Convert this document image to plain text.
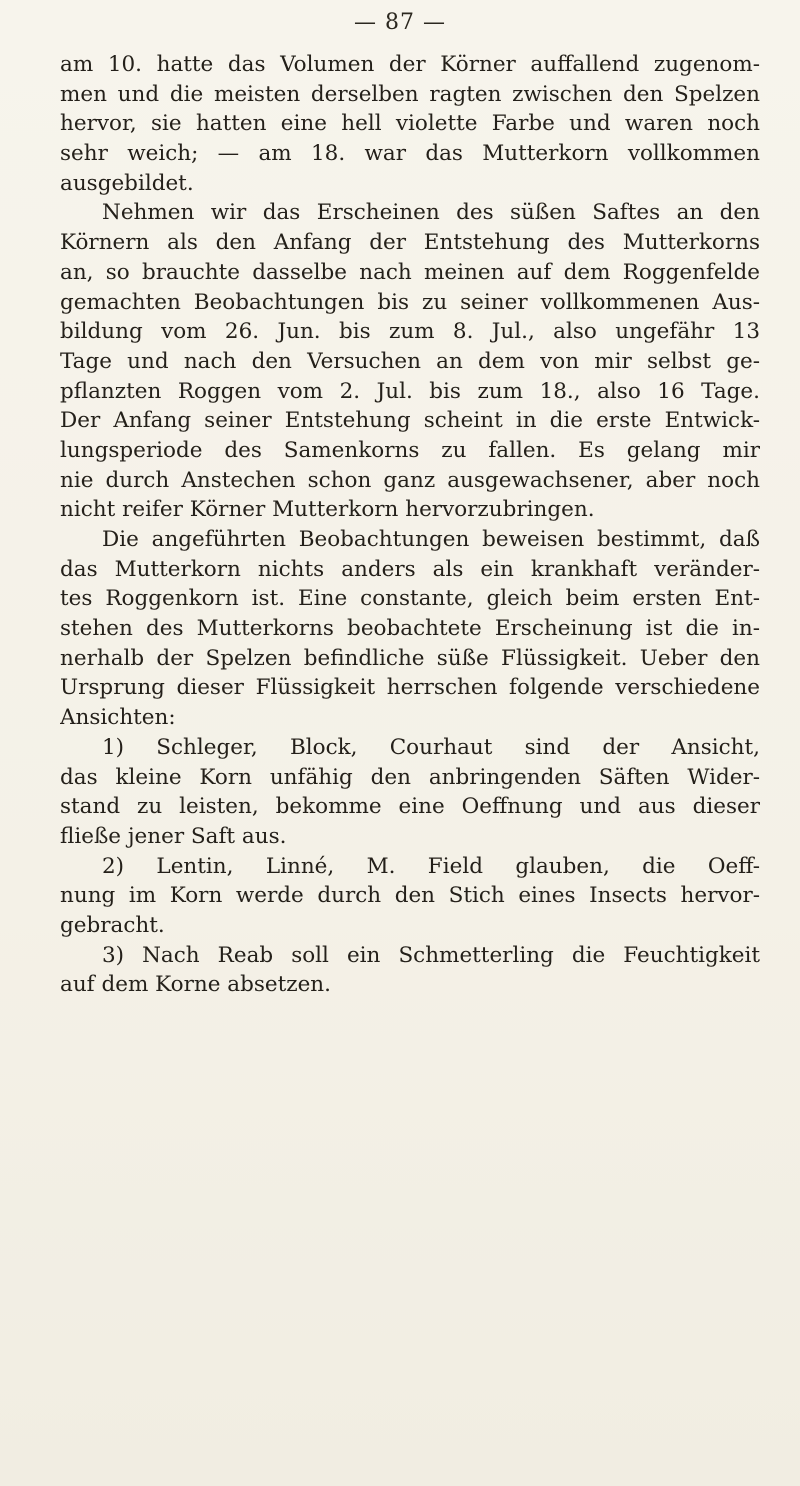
— 87 —
am 10. hatte das Volumen der Körner auffallend zugenom-
men und die meisten derselben ragten zwischen den Spelzen
hervor, sie hatten eine hell violette Farbe und waren noch
sehr weich; — am 18. war das Mutterkorn vollkommen
ausgebildet.
Nehmen wir das Erscheinen des süßen Saftes an den
Körnern als den Anfang der Entstehung des Mutterkorns
an, so brauchte dasselbe nach meinen auf dem Roggenfelde
gemachten Beobachtungen bis zu seiner vollkommenen Aus-
bildung vom 26. Jun. bis zum 8. Jul., also ungefähr 13
Tage und nach den Versuchen an dem von mir selbst ge-
pflanzten Roggen vom 2. Jul. bis zum 18., also 16 Tage.
Der Anfang seiner Entstehung scheint in die erste Entwick-
lungsperiode des Samenkorns zu fallen. Es gelang mir
nie durch Anstechen schon ganz ausgewachsener, aber noch
nicht reifer Körner Mutterkorn hervorzubringen.
Die angeführten Beobachtungen beweisen bestimmt, daß
das Mutterkorn nichts anders als ein krankhaft veränder-
tes Roggenkorn ist. Eine constante, gleich beim ersten Ent-
stehen des Mutterkorns beobachtete Erscheinung ist die in-
nerhalb der Spelzen befindliche süße Flüssigkeit. Ueber den
Ursprung dieser Flüssigkeit herrschen folgende verschiedene
Ansichten:
1) Schleger, Block, Courhaut sind der Ansicht,
das kleine Korn unfähig den anbringenden Säften Wider-
stand zu leisten, bekomme eine Oeffnung und aus dieser
fließe jener Saft aus.
2) Lentin, Linné, M. Field glauben, die Oeff-
nung im Korn werde durch den Stich eines Insects hervor-
gebracht.
3) Nach Reab soll ein Schmetterling die Feuchtigkeit
auf dem Korne absetzen.
